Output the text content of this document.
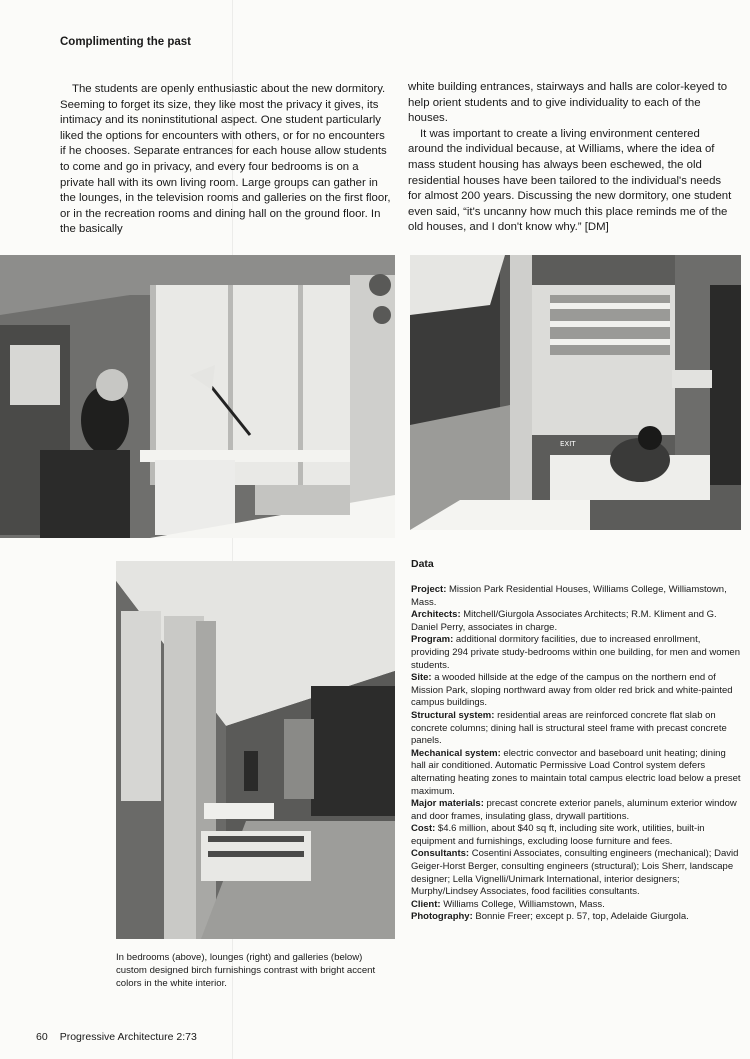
Complimenting the past

The students are openly enthusiastic about the new dormitory. Seeming to forget its size, they like most the privacy it gives, its intimacy and its noninstitutional aspect. One student particularly liked the options for encounters with others, or for no encounters if he chooses. Separate entrances for each house allow students to come and go in privacy, and every four bedrooms is on a private hall with its own living room. Large groups can gather in the lounges, in the television rooms and galleries on the first floor, or in the recreation rooms and dining hall on the ground floor. In the basically

white building entrances, stairways and halls are color-keyed to help orient students and to give individuality to each of the houses.

It was important to create a living environment centered around the individual because, at Williams, where the idea of mass student housing has always been eschewed, the old residential houses have been tailored to the individual's needs for almost 200 years. Discussing the new dormitory, one student even said, “it's uncanny how much this place reminds me of the old houses, and I don't know why.” [DM]

EXIT
In bedrooms (above), lounges (right) and galleries (below) custom designed birch furnishings contrast with bright accent colors in the white interior.
Data

Project: Mission Park Residential Houses, Williams College, Williamstown, Mass.

Architects: Mitchell/Giurgola Associates Architects; R.M. Kliment and G. Daniel Perry, associates in charge.

Program: additional dormitory facilities, due to increased enrollment, providing 294 private study-bedrooms within one building, for men and women students.

Site: a wooded hillside at the edge of the campus on the northern end of Mission Park, sloping northward away from older red brick and white-painted campus buildings.

Structural system: residential areas are reinforced concrete flat slab on concrete columns; dining hall is structural steel frame with precast concrete panels.

Mechanical system: electric convector and baseboard unit heating; dining hall air conditioned. Automatic Permissive Load Control system defers alternating heating zones to maintain total campus electric load below a preset maximum.

Major materials: precast concrete exterior panels, aluminum exterior window and door frames, insulating glass, drywall partitions.

Cost: $4.6 million, about $40 sq ft, including site work, utilities, built-in equipment and furnishings, excluding loose furniture and fees.

Consultants: Cosentini Associates, consulting engineers (mechanical); David Geiger-Horst Berger, consulting engineers (structural); Lois Sherr, landscape designer; Lella Vignelli/Unimark International, interior designers; Murphy/Lindsey Associates, food facilities consultants.

Client: Williams College, Williamstown, Mass.

Photography: Bonnie Freer; except p. 57, top, Adelaide Giurgola.

60 Progressive Architecture 2:73
